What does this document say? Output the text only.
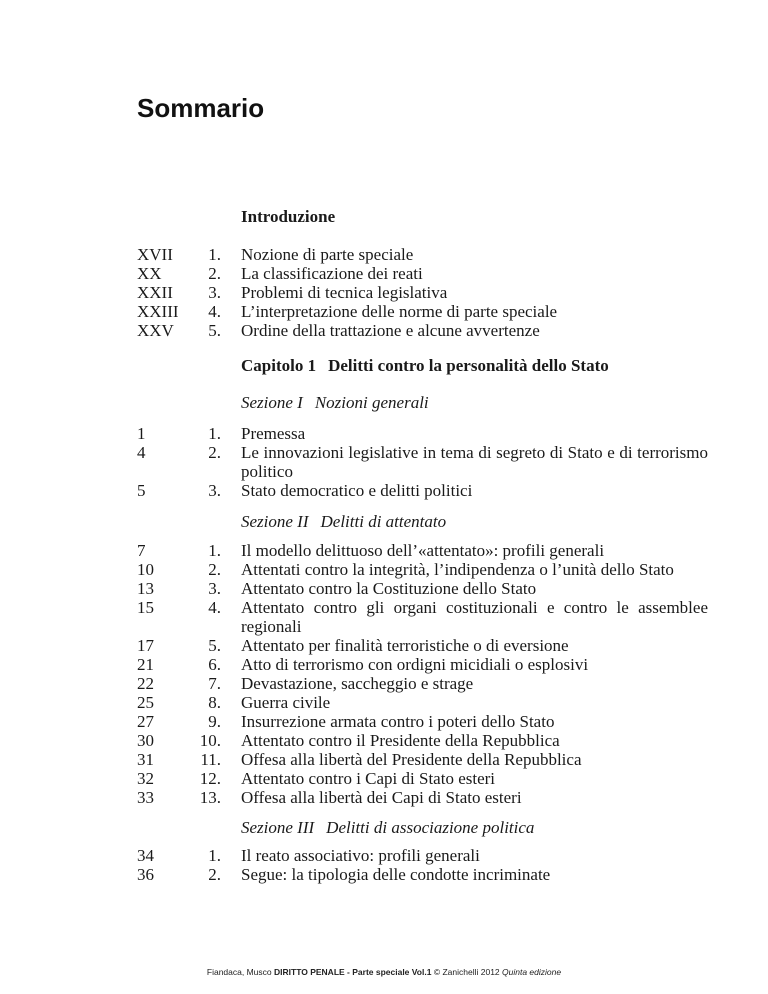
Sommario
Introduzione
XVII	1. Nozione di parte speciale
XX	2. La classificazione dei reati
XXII	3. Problemi di tecnica legislativa
XXIII	4. L’interpretazione delle norme di parte speciale
XXV	5. Ordine della trattazione e alcune avvertenze
Capitolo 1 Delitti contro la personalità dello Stato
Sezione I Nozioni generali
1	1. Premessa
4	2. Le innovazioni legislative in tema di segreto di Stato e di terrorismo politico
5	3. Stato democratico e delitti politici
Sezione II Delitti di attentato
7	1. Il modello delittuoso dell’«attentato»: profili generali
10	2. Attentati contro la integrità, l’indipendenza o l’unità dello Stato
13	3. Attentato contro la Costituzione dello Stato
15	4. Attentato contro gli organi costituzionali e contro le assemblee regionali
17	5. Attentato per finalità terroristiche o di eversione
21	6. Atto di terrorismo con ordigni micidiali o esplosivi
22	7. Devastazione, saccheggio e strage
25	8. Guerra civile
27	9. Insurrezione armata contro i poteri dello Stato
30	10. Attentato contro il Presidente della Repubblica
31	11. Offesa alla libertà del Presidente della Repubblica
32	12. Attentato contro i Capi di Stato esteri
33	13. Offesa alla libertà dei Capi di Stato esteri
Sezione III Delitti di associazione politica
34	1. Il reato associativo: profili generali
36	2. Segue: la tipologia delle condotte incriminate
Fiandaca, Musco DIRITTO PENALE - Parte speciale Vol.1 © Zanichelli 2012 Quinta edizione
